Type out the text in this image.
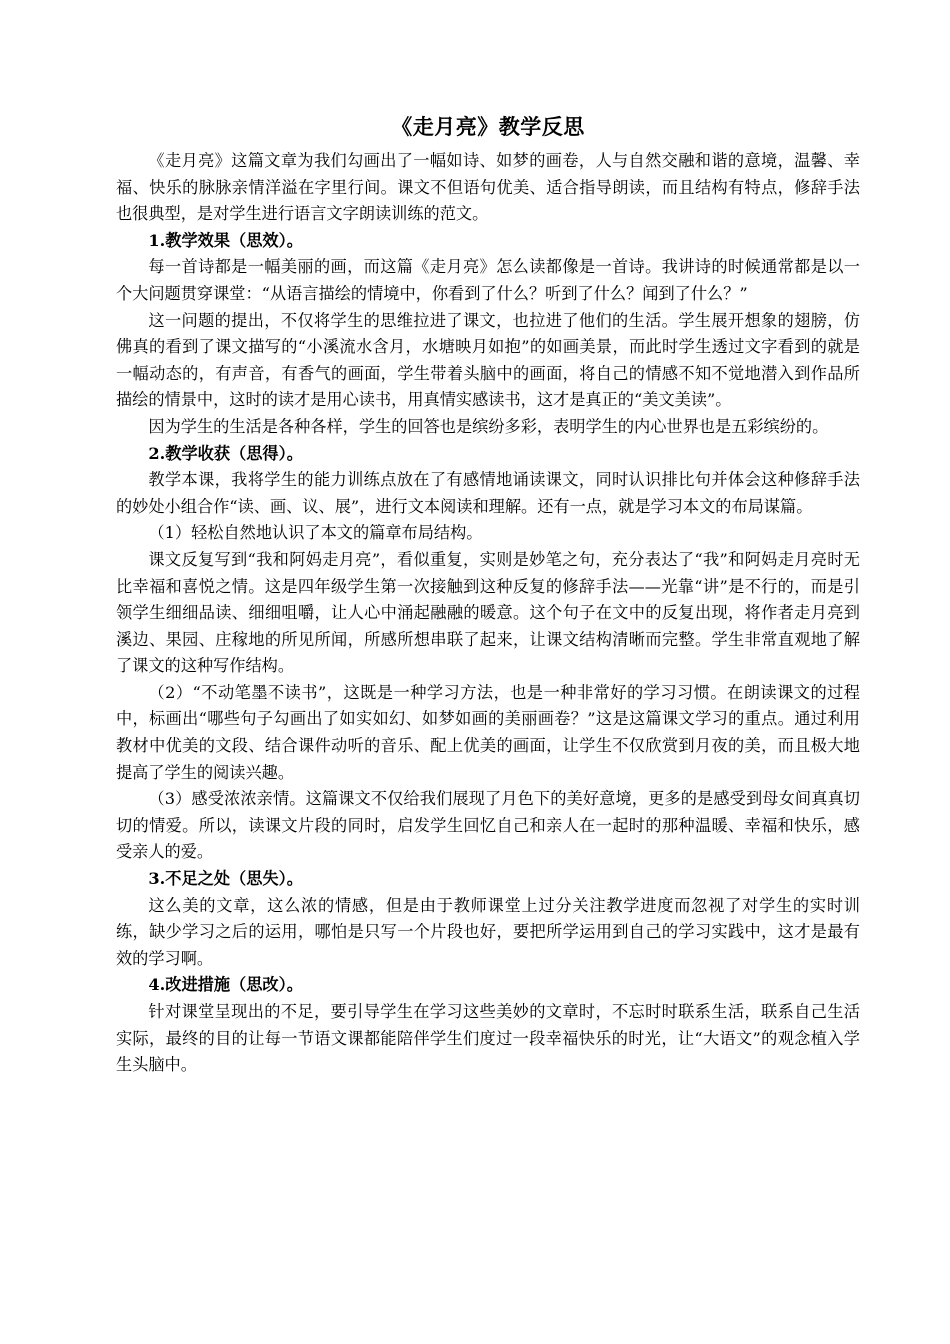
《走月亮》教学反思

《走月亮》这篇文章为我们勾画出了一幅如诗、如梦的画卷，人与自然交融和谐的意境，温馨、幸福、快乐的脉脉亲情洋溢在字里行间。课文不但语句优美、适合指导朗读，而且结构有特点，修辞手法也很典型，是对学生进行语言文字朗读训练的范文。

1.教学效果（思效）。

每一首诗都是一幅美丽的画，而这篇《走月亮》怎么读都像是一首诗。我讲诗的时候通常都是以一个大问题贯穿课堂：“从语言描绘的情境中，你看到了什么？听到了什么？闻到了什么？”

这一问题的提出，不仅将学生的思维拉进了课文，也拉进了他们的生活。学生展开想象的翅膀，仿佛真的看到了课文描写的“小溪流水含月，水塘映月如抱”的如画美景，而此时学生透过文字看到的就是一幅动态的，有声音，有香气的画面，学生带着头脑中的画面，将自己的情感不知不觉地潜入到作品所描绘的情景中，这时的读才是用心读书，用真情实感读书，这才是真正的“美文美读”。

因为学生的生活是各种各样，学生的回答也是缤纷多彩，表明学生的内心世界也是五彩缤纷的。

2.教学收获（思得）。

教学本课，我将学生的能力训练点放在了有感情地诵读课文，同时认识排比句并体会这种修辞手法的妙处小组合作“读、画、议、展”，进行文本阅读和理解。还有一点，就是学习本文的布局谋篇。

（1）轻松自然地认识了本文的篇章布局结构。

课文反复写到“我和阿妈走月亮”，看似重复，实则是妙笔之句，充分表达了“我”和阿妈走月亮时无比幸福和喜悦之情。这是四年级学生第一次接触到这种反复的修辞手法——光靠“讲”是不行的，而是引领学生细细品读、细细咀嚼，让人心中涌起融融的暖意。这个句子在文中的反复出现，将作者走月亮到溪边、果园、庄稼地的所见所闻，所感所想串联了起来，让课文结构清晰而完整。学生非常直观地了解了课文的这种写作结构。

（2）“不动笔墨不读书”，这既是一种学习方法，也是一种非常好的学习习惯。在朗读课文的过程中，标画出“哪些句子勾画出了如实如幻、如梦如画的美丽画卷？”这是这篇课文学习的重点。通过利用教材中优美的文段、结合课件动听的音乐、配上优美的画面，让学生不仅欣赏到月夜的美，而且极大地提高了学生的阅读兴趣。

（3）感受浓浓亲情。这篇课文不仅给我们展现了月色下的美好意境，更多的是感受到母女间真真切切的情爱。所以，读课文片段的同时，启发学生回忆自己和亲人在一起时的那种温暖、幸福和快乐，感受亲人的爱。

3.不足之处（思失）。

这么美的文章，这么浓的情感，但是由于教师课堂上过分关注教学进度而忽视了对学生的实时训练，缺少学习之后的运用，哪怕是只写一个片段也好，要把所学运用到自己的学习实践中，这才是最有效的学习啊。

4.改进措施（思改）。

针对课堂呈现出的不足，要引导学生在学习这些美妙的文章时，不忘时时联系生活，联系自己生活实际，最终的目的让每一节语文课都能陪伴学生们度过一段幸福快乐的时光，让“大语文”的观念植入学生头脑中。
